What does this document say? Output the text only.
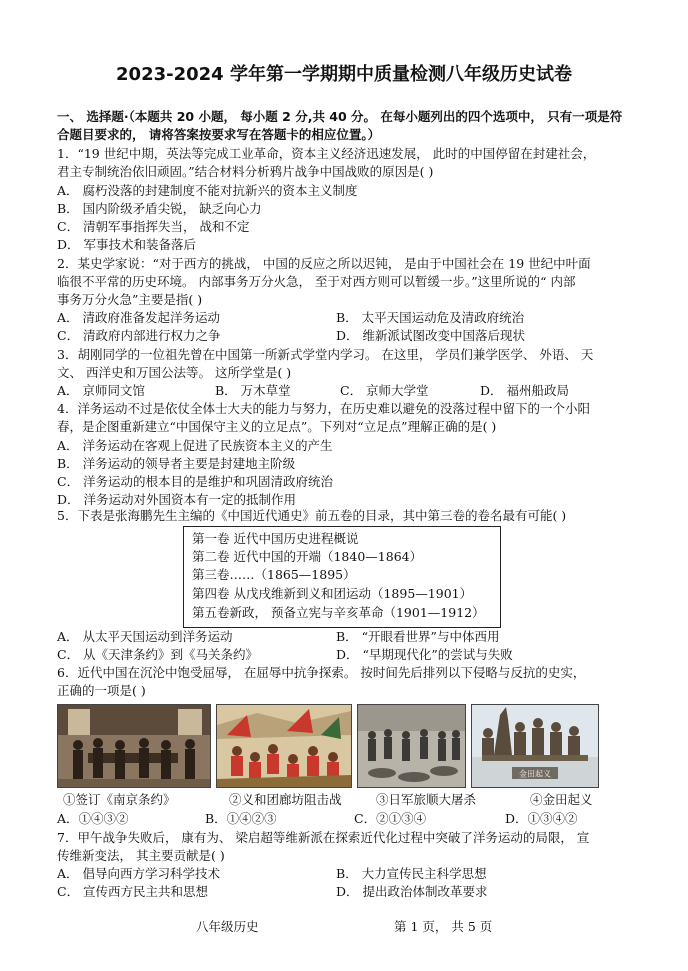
2023-2024 学年第一学期期中质量检测八年级历史试卷
一、 选择题·（本题共 20 小题， 每小题 2 分,共 40 分。 在每小题列出的四个选项中， 只有一项是符
合题目要求的， 请将答案按要求写在答题卡的相应位置。）
1．“19 世纪中期，英法等完成工业革命，资本主义经济迅速发展， 此时的中国停留在封建社会，
君主专制统治依旧顽固。”结合材料分析鸦片战争中国战败的原因是( )
A． 腐朽没落的封建制度不能对抗新兴的资本主义制度
B． 国内阶级矛盾尖锐， 缺乏向心力
C． 清朝军事指挥失当， 战和不定
D． 军事技术和装备落后
2．某史学家说：“对于西方的挑战， 中国的反应之所以迟钝， 是由于中国社会在 19 世纪中叶面
临很不平常的历史环境。 内部事务万分火急， 至于对西方则可以暂缓一步。”这里所说的“ 内部
事务万分火急”主要是指( )
A． 清政府准备发起洋务运动	B． 太平天国运动危及清政府统治
C． 清政府内部进行权力之争	D． 维新派试图改变中国落后现状
3．胡刚同学的一位祖先曾在中国第一所新式学堂内学习。 在这里， 学员们兼学医学、 外语、 天
文、 西洋史和万国公法等。 这所学堂是( )
A． 京师同文馆	B． 万木草堂	C． 京师大学堂	D． 福州船政局
4．洋务运动不过是依仗全体士大夫的能力与努力，在历史难以避免的没落过程中留下的一个小阳
春，是企图重新建立“中国保守主义的立足点”。下列对“立足点”理解正确的是( )
A． 洋务运动在客观上促进了民族资本主义的产生
B． 洋务运动的领导者主要是封建地主阶级
C． 洋务运动的根本目的是维护和巩固清政府统治
D． 洋务运动对外国资本有一定的抵制作用
5．下表是张海鹏先生主编的《中国近代通史》前五卷的目录，其中第三卷的卷名最有可能( )
第一卷 近代中国历史进程概说
第二卷 近代中国的开端（1840—1864）
第三卷……（1865—1895）
第四卷 从戊戌维新到义和团运动（1895—1901）
第五卷新政， 预备立宪与辛亥革命（1901—1912）
A． 从太平天国运动到洋务运动	B． “开眼看世界”与中体西用
C． 从《天津条约》到《马关条约》	D． “早期现代化”的尝试与失败
6．近代中国在沉沦中饱受屈辱， 在屈辱中抗争探索。 按时间先后排列以下侵略与反抗的史实，
正确的一项是( )
金田起义
①签订《南京条约》	②义和团廊坊阻击战	③日军旅顺大屠杀	④金田起义
A．①④③②	B．①④②③	C．②①③④	D．①③④②
7．甲午战争失败后， 康有为、 梁启超等维新派在探索近代化过程中突破了洋务运动的局限， 宣
传维新变法， 其主要贡献是( )
A． 倡导向西方学习科学技术	B． 大力宣传民主科学思想
C． 宣传西方民主共和思想	D． 提出政治体制改革要求
八年级历史	第 1 页， 共 5 页
